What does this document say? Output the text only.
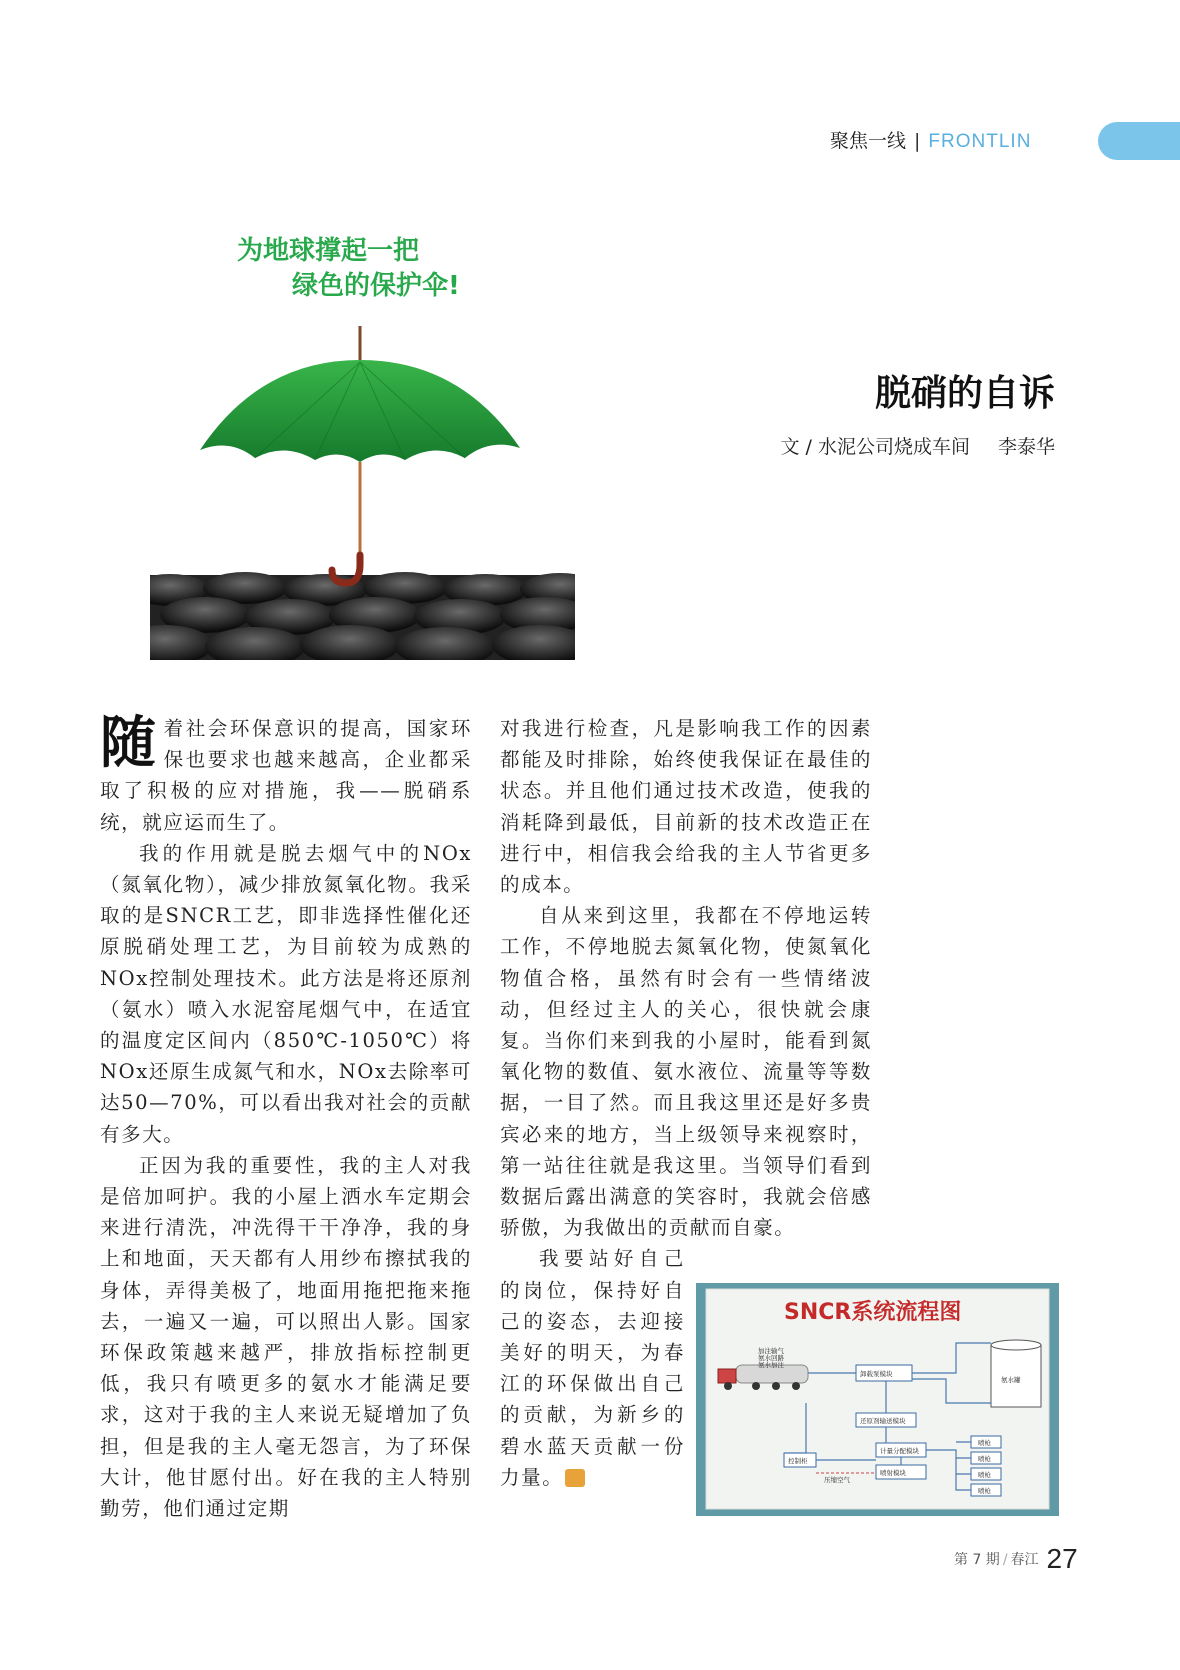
聚焦一线 | FRONTLIN
为地球撑起一把
绿色的保护伞!
脱硝的自诉
文 / 水泥公司烧成车间 李泰华

随着社会环保意识的提高，国家环保也要求也越来越高，企业都采取了积极的应对措施，我——脱硝系统，就应运而生了。

我的作用就是脱去烟气中的NOx（氮氧化物），减少排放氮氧化物。我采取的是SNCR工艺，即非选择性催化还原脱硝处理工艺，为目前较为成熟的NOx控制处理技术。此方法是将还原剂（氨水）喷入水泥窑尾烟气中，在适宜的温度定区间内（850℃-1050℃）将NOx还原生成氮气和水，NOx去除率可达50—70%，可以看出我对社会的贡献有多大。

正因为我的重要性，我的主人对我是倍加呵护。我的小屋上洒水车定期会来进行清洗，冲洗得干干净净，我的身上和地面，天天都有人用纱布擦拭我的身体，弄得美极了，地面用拖把拖来拖去，一遍又一遍，可以照出人影。国家环保政策越来越严，排放指标控制更低，我只有喷更多的氨水才能满足要求，这对于我的主人来说无疑增加了负担，但是我的主人毫无怨言，为了环保大计，他甘愿付出。好在我的主人特别勤劳，他们通过定期

对我进行检查，凡是影响我工作的因素都能及时排除，始终使我保证在最佳的状态。并且他们通过技术改造，使我的消耗降到最低，目前新的技术改造正在进行中，相信我会给我的主人节省更多的成本。

自从来到这里，我都在不停地运转工作，不停地脱去氮氧化物，使氮氧化物值合格，虽然有时会有一些情绪波动，但经过主人的关心，很快就会康复。当你们来到我的小屋时，能看到氮氧化物的数值、氨水液位、流量等等数据，一目了然。而且我这里还是好多贵宾必来的地方，当上级领导来视察时，第一站往往就是我这里。当领导们看到数据后露出满意的笑容时，我就会倍感骄傲，为我做出的贡献而自豪。

我要站好自己的岗位，保持好自己的姿态，去迎接美好的明天，为春江的环保做出自己的贡献，为新乡的碧水蓝天贡献一份力量。

SNCR系统流程图
加注输气
氨水回路
氨水加注
卸载泵模块
氨水罐
还原剂输送模块
计量分配模块
喷射模块
控制柜
压缩空气
喷枪
喷枪
喷枪
喷枪
第 7 期 / 春江 27
